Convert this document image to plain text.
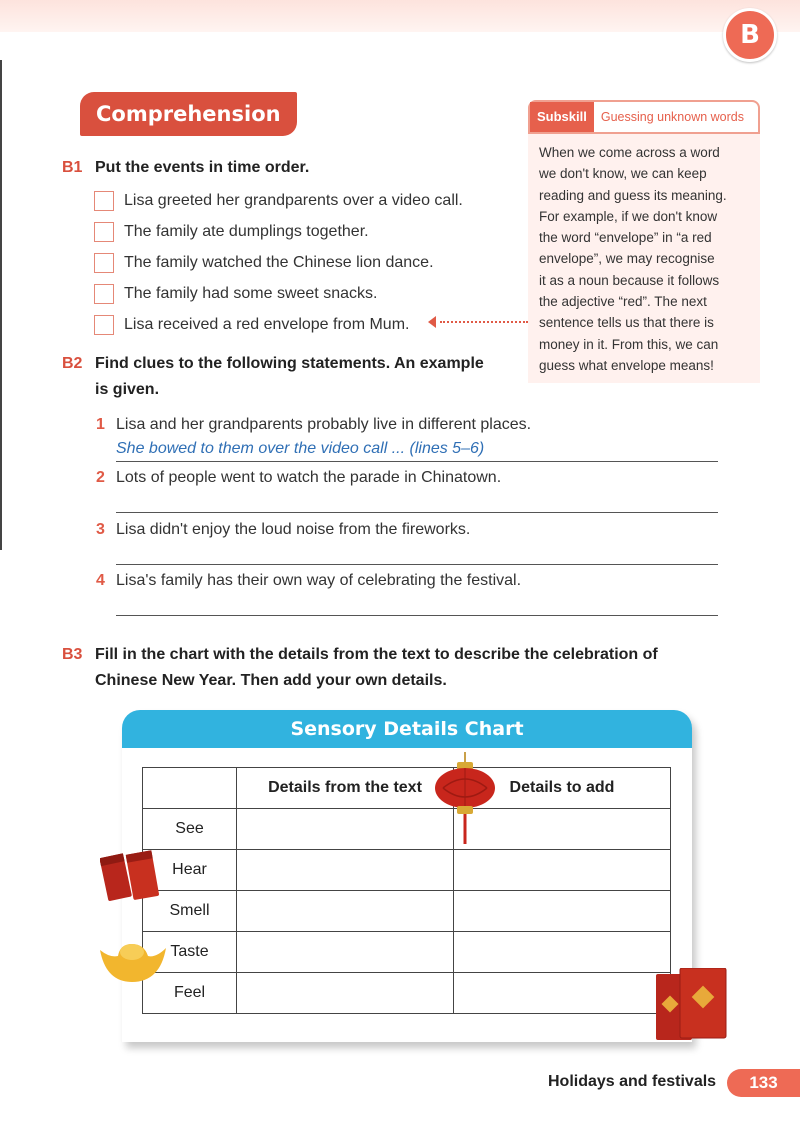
B
Comprehension	Subskill	Guessing unknown words
When we come across a word
we don't know, we can keep
reading and guess its meaning.
For example, if we don't know
the word “envelope” in “a red
envelope”, we may recognise
it as a noun because it follows
the adjective “red”. The next
sentence tells us that there is
money in it. From this, we can
guess what envelope means!
B1 Put the events in time order.
Lisa greeted her grandparents over a video call.
The family ate dumplings together.
The family watched the Chinese lion dance.
The family had some sweet snacks.
Lisa received a red envelope from Mum.
B2 Find clues to the following statements. An example
is given.
1 Lisa and her grandparents probably live in different places.
She bowed to them over the video call ... (lines 5–6)
2 Lots of people went to watch the parade in Chinatown.
3 Lisa didn't enjoy the loud noise from the fireworks.
4 Lisa's family has their own way of celebrating the festival.
B3 Fill in the chart with the details from the text to describe the celebration of
Chinese New Year. Then add your own details.
Sensory Details Chart
	Details from the text	Details to add
See		
Hear		
Smell		
Taste		
Feel		
Holidays and festivals	133
